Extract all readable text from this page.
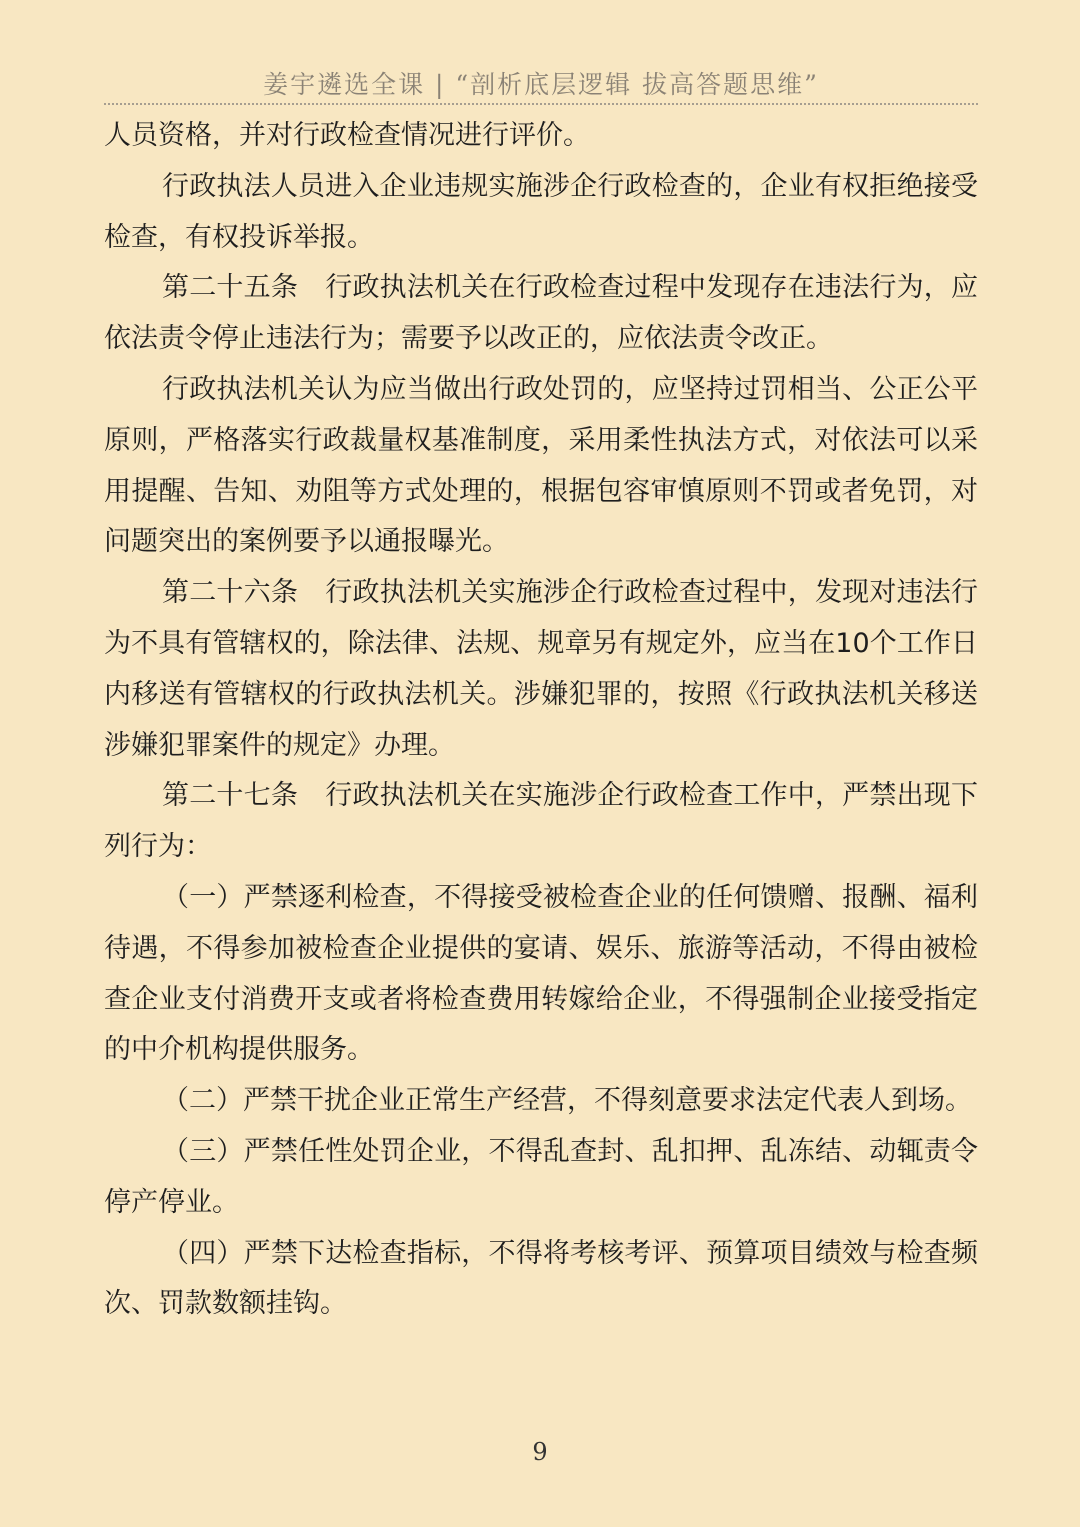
姜宇遴选全课 | “剖析底层逻辑 拔高答题思维”

人员资格，并对行政检查情况进行评价。

行政执法人员进入企业违规实施涉企行政检查的，企业有权拒绝接受检查，有权投诉举报。

第二十五条　行政执法机关在行政检查过程中发现存在违法行为，应依法责令停止违法行为；需要予以改正的，应依法责令改正。

行政执法机关认为应当做出行政处罚的，应坚持过罚相当、公正公平原则，严格落实行政裁量权基准制度，采用柔性执法方式，对依法可以采用提醒、告知、劝阻等方式处理的，根据包容审慎原则不罚或者免罚，对问题突出的案例要予以通报曝光。

第二十六条　行政执法机关实施涉企行政检查过程中，发现对违法行为不具有管辖权的，除法律、法规、规章另有规定外，应当在10个工作日内移送有管辖权的行政执法机关。涉嫌犯罪的，按照《行政执法机关移送涉嫌犯罪案件的规定》办理。

第二十七条　行政执法机关在实施涉企行政检查工作中，严禁出现下列行为：

（一）严禁逐利检查，不得接受被检查企业的任何馈赠、报酬、福利待遇，不得参加被检查企业提供的宴请、娱乐、旅游等活动，不得由被检查企业支付消费开支或者将检查费用转嫁给企业，不得强制企业接受指定的中介机构提供服务。

（二）严禁干扰企业正常生产经营，不得刻意要求法定代表人到场。

（三）严禁任性处罚企业，不得乱查封、乱扣押、乱冻结、动辄责令停产停业。

（四）严禁下达检查指标，不得将考核考评、预算项目绩效与检查频次、罚款数额挂钩。

9
